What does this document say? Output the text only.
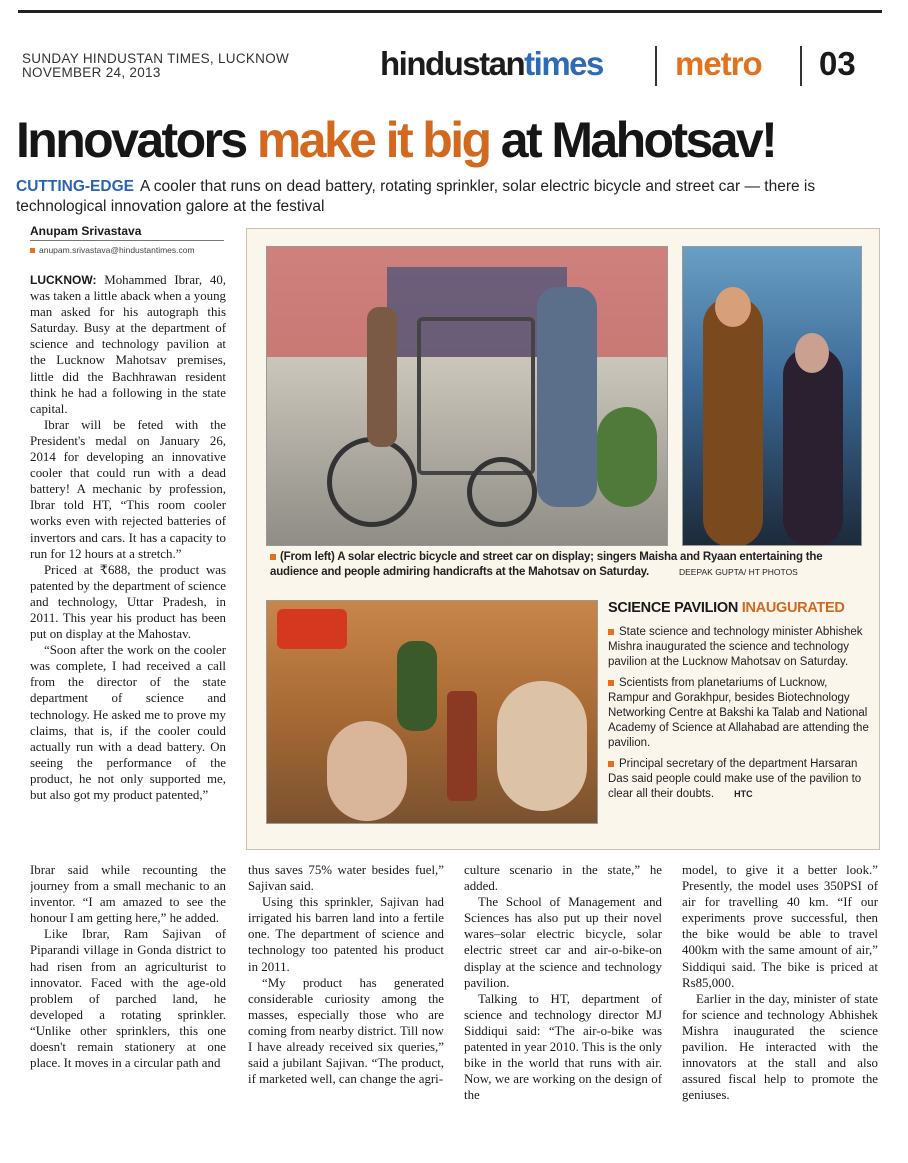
SUNDAY HINDUSTAN TIMES, LUCKNOW
NOVEMBER 24, 2013	hindustantimes metro 03
Innovators make it big at Mahotsav!
CUTTING-EDGE A cooler that runs on dead battery, rotating sprinkler, solar electric bicycle and street car — there is technological innovation galore at the festival
Anupam Srivastava
anupam.srivastava@hindustantimes.com

LUCKNOW: Mohammed Ibrar, 40, was taken a little aback when a young man asked for his autograph this Saturday. Busy at the department of science and technology pavilion at the Lucknow Mahotsav premises, little did the Bachhrawan resident think he had a following in the state capital.

Ibrar will be feted with the President's medal on January 26, 2014 for developing an innovative cooler that could run with a dead battery! A mechanic by profession, Ibrar told HT, “This room cooler works even with rejected batteries of invertors and cars. It has a capacity to run for 12 hours at a stretch.”

Priced at ₹688, the product was patented by the department of science and technology, Uttar Pradesh, in 2011. This year his product has been put on display at the Mahostav.

“Soon after the work on the cooler was complete, I had received a call from the director of the state department of science and technology. He asked me to prove my claims, that is, if the cooler could actually run with a dead battery. On seeing the performance of the product, he not only supported me, but also got my product patented,”

Ibrar said while recounting the journey from a small mechanic to an inventor. “I am amazed to see the honour I am getting here,” he added.

Like Ibrar, Ram Sajivan of Piparandi village in Gonda district to had risen from an agriculturist to innovator. Faced with the age-old problem of parched land, he developed a rotating sprinkler. “Unlike other sprinklers, this one doesn't remain stationery at one place. It moves in a circular path and

thus saves 75% water besides fuel,” Sajivan said.

Using this sprinkler, Sajivan had irrigated his barren land into a fertile one. The department of science and technology too patented his product in 2011.

“My product has generated considerable curiosity among the masses, especially those who are coming from nearby district. Till now I have already received six queries,” said a jubilant Sajivan. “The product, if marketed well, can change the agri-

culture scenario in the state,” he added.

The School of Management and Sciences has also put up their novel wares–solar electric bicycle, solar electric street car and air-o-bike-on display at the science and technology pavilion.

Talking to HT, department of science and technology director MJ Siddiqui said: “The air-o-bike was patented in year 2010. This is the only bike in the world that runs with air. Now, we are working on the design of the

model, to give it a better look.” Presently, the model uses 350PSI of air for travelling 40 km. “If our experiments prove successful, then the bike would be able to travel 400km with the same amount of air,” Siddiqui said. The bike is priced at Rs85,000.

Earlier in the day, minister of state for science and technology Abhishek Mishra inaugurated the science pavilion. He interacted with the innovators at the stall and also assured fiscal help to promote the geniuses.

(From left) A solar electric bicycle and street car on display; singers Maisha and Ryaan entertaining the audience and people admiring handicrafts at the Mahotsav on Saturday.	DEEPAK GUPTA/ HT PHOTOS
SCIENCE PAVILION INAUGURATED
State science and technology minister Abhishek Mishra inaugurated the science and technology pavilion at the Lucknow Mahotsav on Saturday.
Scientists from planetariums of Lucknow, Rampur and Gorakhpur, besides Biotechnology Networking Centre at Bakshi ka Talab and National Academy of Science at Allahabad are attending the pavilion.
Principal secretary of the department Harsaran Das said people could make use of the pavilion to clear all their doubts. HTC
